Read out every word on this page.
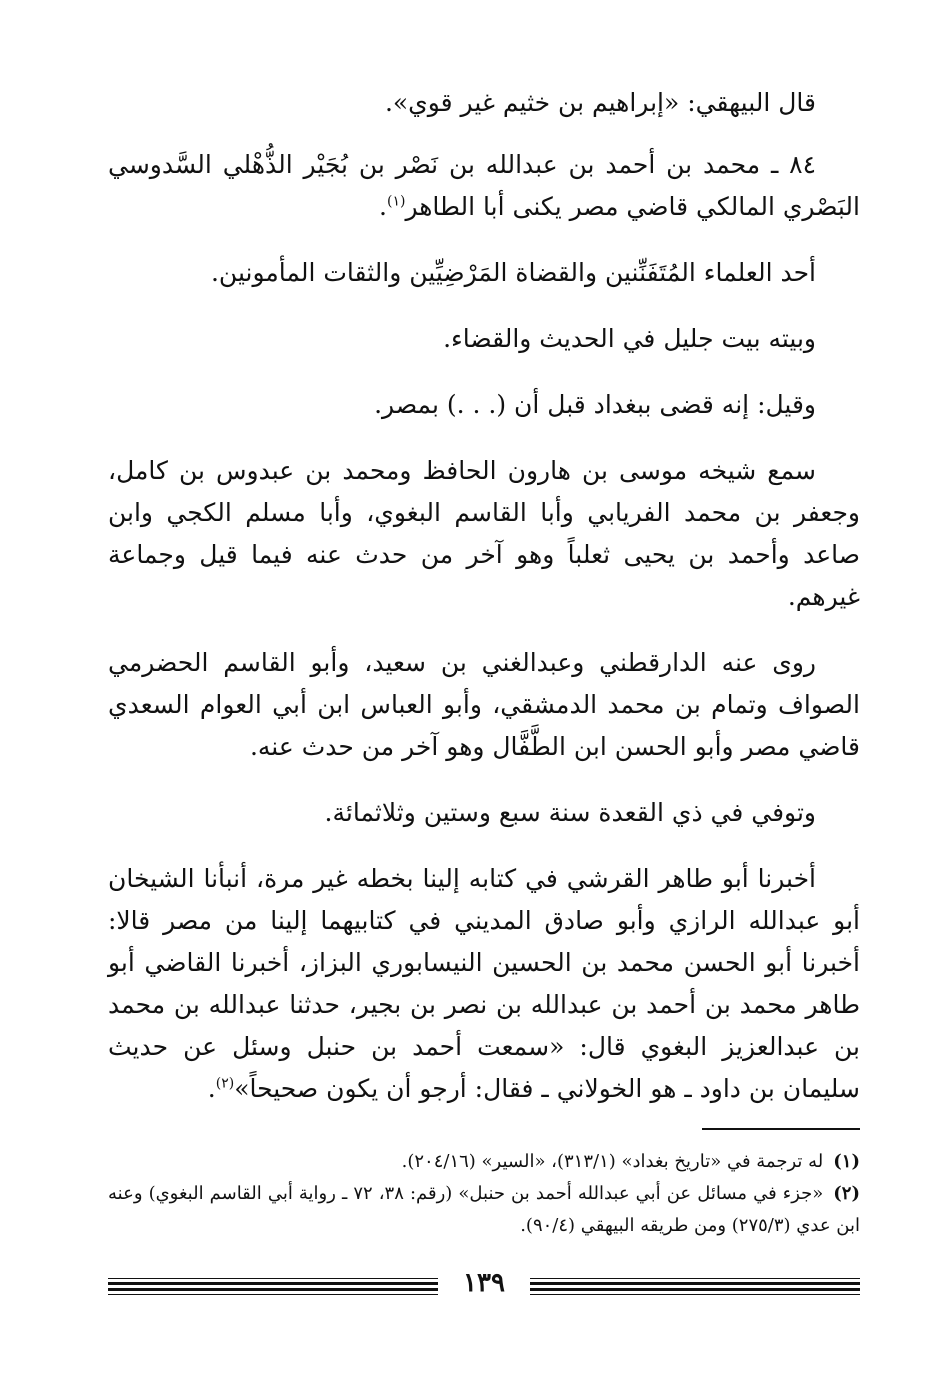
قال البيهقي: «إبراهيم بن خثيم غير قوي».

٨٤ ـ محمد بن أحمد بن عبدالله بن نَصْر بن بُجَيْر الذُّهْلي السَّدوسي البَصْري المالكي قاضي مصر يكنى أبا الطاهر$^{(١)}$.

أحد العلماء المُتَفَنِّنين والقضاة المَرْضِيِّين والثقات المأمونين.

وبيته بيت جليل في الحديث والقضاء.

وقيل: إنه قضى ببغداد قبل أن (. . .) بمصر.

سمع شيخه موسى بن هارون الحافظ ومحمد بن عبدوس بن كامل، وجعفر بن محمد الفريابي وأبا القاسم البغوي، وأبا مسلم الكجي وابن صاعد وأحمد بن يحيى ثعلباً وهو آخر من حدث عنه فيما قيل وجماعة غيرهم.

روى عنه الدارقطني وعبدالغني بن سعيد، وأبو القاسم الحضرمي الصواف وتمام بن محمد الدمشقي، وأبو العباس ابن أبي العوام السعدي قاضي مصر وأبو الحسن ابن الطَّفَّال وهو آخر من حدث عنه.

وتوفي في ذي القعدة سنة سبع وستين وثلاثمائة.

أخبرنا أبو طاهر القرشي في كتابه إلينا بخطه غير مرة، أنبأنا الشيخان أبو عبدالله الرازي وأبو صادق المديني في كتابيهما إلينا من مصر قالا: أخبرنا أبو الحسن محمد بن الحسين النيسابوري البزاز، أخبرنا القاضي أبو طاهر محمد بن أحمد بن عبدالله بن نصر بن بجير، حدثنا عبدالله بن محمد بن عبدالعزيز البغوي قال: «سمعت أحمد بن حنبل وسئل عن حديث سليمان بن داود ـ هو الخولاني ـ فقال: أرجو أن يكون صحيحاً»$^{(٢)}$.

(١)له ترجمة في «تاريخ بغداد» (٣١٣/١)، «السير» (٢٠٤/١٦).

(٢)«جزء في مسائل عن أبي عبدالله أحمد بن حنبل» (رقم: ٣٨، ٧٢ ـ رواية أبي القاسم البغوي) وعنه ابن عدي (٢٧٥/٣) ومن طريقه البيهقي (٩٠/٤).

١٣٩
